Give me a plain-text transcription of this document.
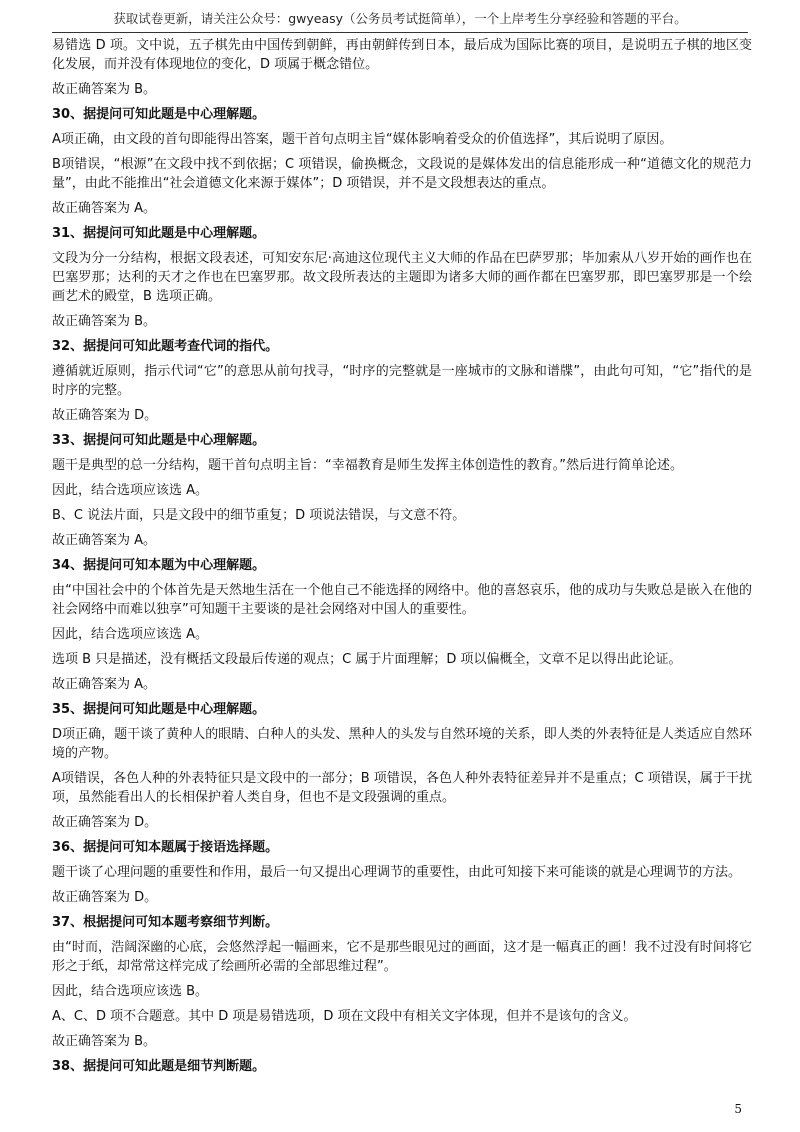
获取试卷更新，请关注公众号：gwyeasy（公务员考试挺简单），一个上岸考生分享经验和答题的平台。

易错选 D 项。文中说，五子棋先由中国传到朝鲜，再由朝鲜传到日本，最后成为国际比赛的项目，是说明五子棋的地区变化发展，而并没有体现地位的变化，D 项属于概念错位。

故正确答案为 B。

30、据提问可知此题是中心理解题。

A项正确，由文段的首句即能得出答案，题干首句点明主旨“媒体影响着受众的价值选择”，其后说明了原因。

B项错误，“根源”在文段中找不到依据；C 项错误，偷换概念，文段说的是媒体发出的信息能形成一种“道德文化的规范力量”，由此不能推出“社会道德文化来源于媒体”；D 项错误，并不是文段想表达的重点。

故正确答案为 A。

31、据提问可知此题是中心理解题。

文段为分一分结构，根据文段表述，可知安东尼·高迪这位现代主义大师的作品在巴萨罗那；毕加索从八岁开始的画作也在巴塞罗那；达利的天才之作也在巴塞罗那。故文段所表达的主题即为诸多大师的画作都在巴塞罗那，即巴塞罗那是一个绘画艺术的殿堂，B 选项正确。

故正确答案为 B。

32、据提问可知此题考查代词的指代。

遵循就近原则，指示代词“它”的意思从前句找寻，“时序的完整就是一座城市的文脉和谱牒”，由此句可知，“它”指代的是时序的完整。

故正确答案为 D。

33、据提问可知此题是中心理解题。

题干是典型的总一分结构，题干首句点明主旨：“幸福教育是师生发挥主体创造性的教育。”然后进行简单论述。

因此，结合选项应该选 A。

B、C 说法片面，只是文段中的细节重复；D 项说法错误，与文意不符。

故正确答案为 A。

34、据提问可知本题为中心理解题。

由“中国社会中的个体首先是天然地生活在一个他自己不能选择的网络中。他的喜怒哀乐，他的成功与失败总是嵌入在他的社会网络中而难以独享”可知题干主要谈的是社会网络对中国人的重要性。

因此，结合选项应该选 A。

选项 B 只是描述，没有概括文段最后传递的观点；C 属于片面理解；D 项以偏概全，文章不足以得出此论证。

故正确答案为 A。

35、据提问可知此题是中心理解题。

D项正确，题干谈了黄种人的眼睛、白种人的头发、黑种人的头发与自然环境的关系，即人类的外表特征是人类适应自然环境的产物。

A项错误，各色人种的外表特征只是文段中的一部分；B 项错误，各色人种外表特征差异并不是重点；C 项错误，属于干扰项，虽然能看出人的长相保护着人类自身，但也不是文段强调的重点。

故正确答案为 D。

36、据提问可知本题属于接语选择题。

题干谈了心理问题的重要性和作用，最后一句又提出心理调节的重要性，由此可知接下来可能谈的就是心理调节的方法。

故正确答案为 D。

37、根据提问可知本题考察细节判断。

由“时而，浩阔深幽的心底，会悠然浮起一幅画来，它不是那些眼见过的画面，这才是一幅真正的画！我不过没有时间将它形之于纸，却常常这样完成了绘画所必需的全部思维过程”。

因此，结合选项应该选 B。

A、C、D 项不合题意。其中 D 项是易错选项，D 项在文段中有相关文字体现，但并不是该句的含义。

故正确答案为 B。

38、据提问可知此题是细节判断题。

5
